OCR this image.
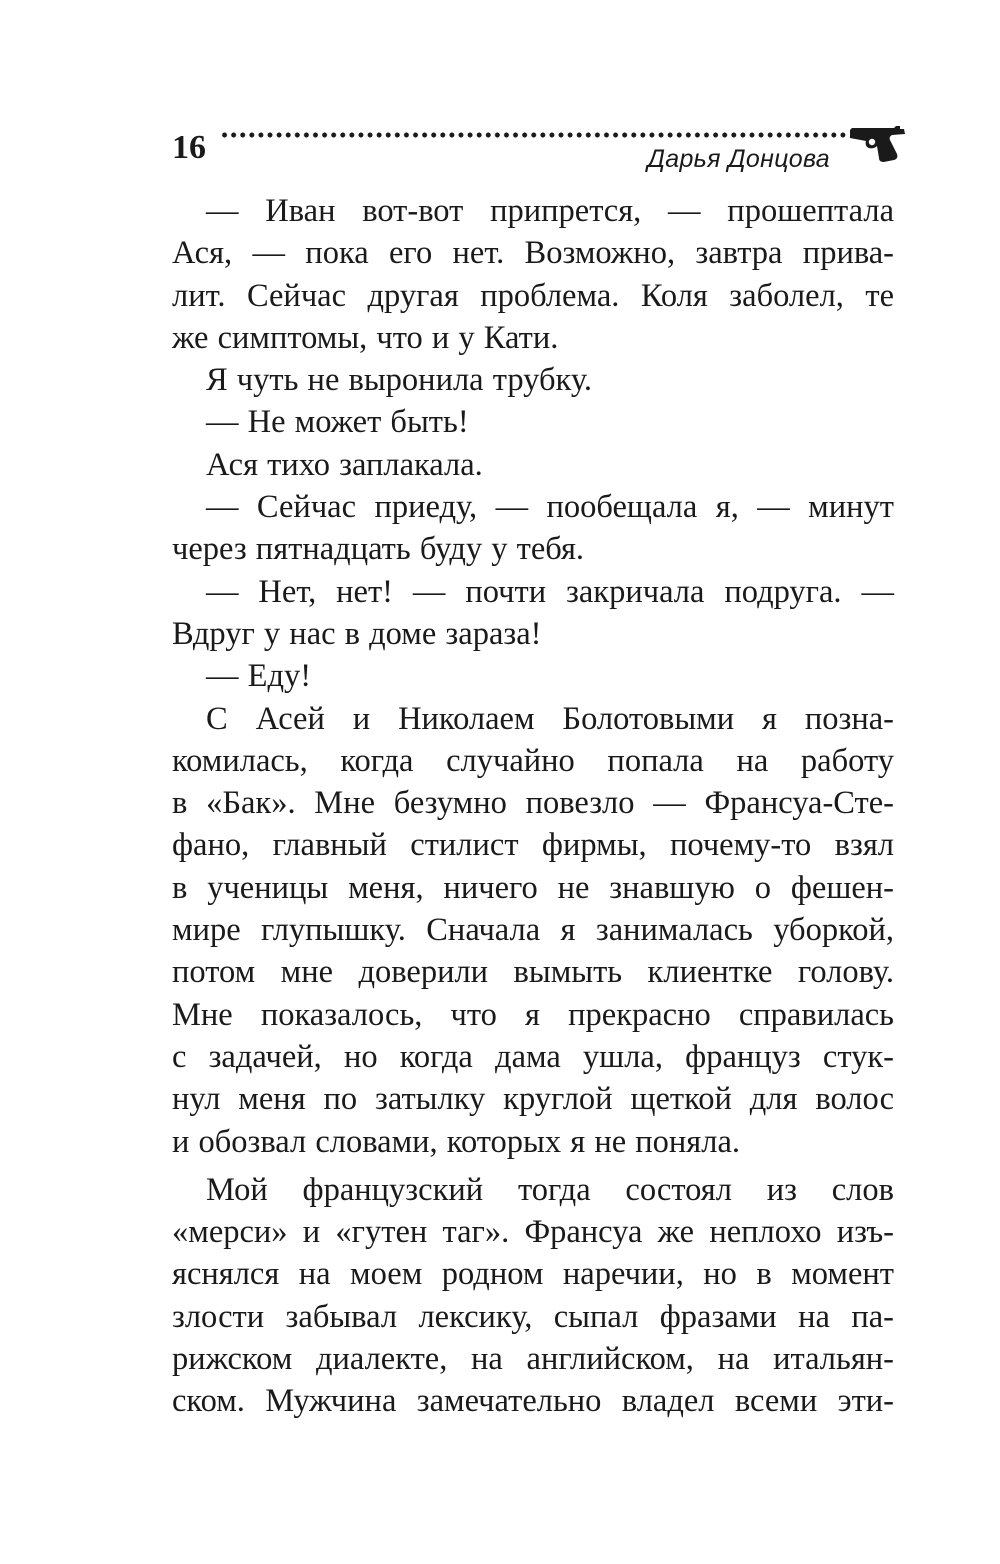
16	Дарья Донцова

— Иван вот-вот припрется, — прошептала

Ася, — пока его нет. Возможно, завтра прива-

лит. Сейчас другая проблема. Коля заболел, те

же симптомы, что и у Кати.

Я чуть не выронила трубку.

— Не может быть!

Ася тихо заплакала.

— Сейчас приеду, — пообещала я, — минут

через пятнадцать буду у тебя.

— Нет, нет! — почти закричала подруга. —

Вдруг у нас в доме зараза!

— Еду!

С Асей и Николаем Болотовыми я позна-

комилась, когда случайно попала на работу

в «Бак». Мне безумно повезло — Франсуа-Сте-

фано, главный стилист фирмы, почему-то взял

в ученицы меня, ничего не знавшую о фешен-

мире глупышку. Сначала я занималась уборкой,

потом мне доверили вымыть клиентке голову.

Мне показалось, что я прекрасно справилась

с задачей, но когда дама ушла, француз стук-

нул меня по затылку круглой щеткой для волос

и обозвал словами, которых я не поняла.

Мой французский тогда состоял из слов

«мерси» и «гутен таг». Франсуа же неплохо изъ-

яснялся на моем родном наречии, но в момент

злости забывал лексику, сыпал фразами на па-

рижском диалекте, на английском, на итальян-

ском. Мужчина замечательно владел всеми эти-
